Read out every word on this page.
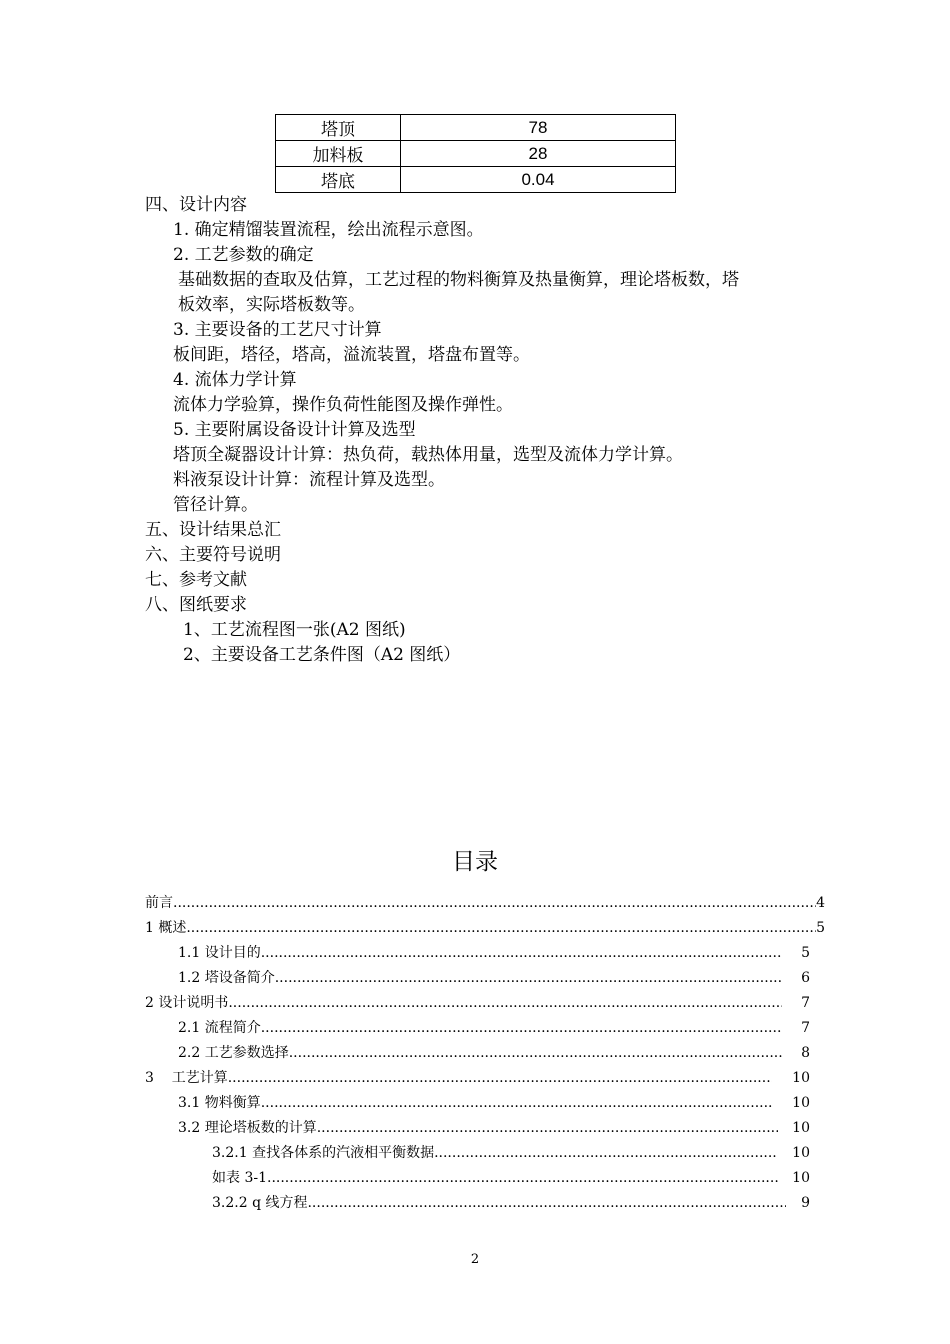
塔顶	78
加料板	28
塔底	0.04
四、设计内容
1. 确定精馏装置流程，绘出流程示意图。
2. 工艺参数的确定
基础数据的查取及估算，工艺过程的物料衡算及热量衡算，理论塔板数，塔
板效率，实际塔板数等。
3. 主要设备的工艺尺寸计算
板间距，塔径，塔高，溢流装置，塔盘布置等。
4. 流体力学计算
流体力学验算，操作负荷性能图及操作弹性。
5. 主要附属设备设计计算及选型
塔顶全凝器设计计算：热负荷，载热体用量，选型及流体力学计算。
料液泵设计计算：流程计算及选型。
管径计算。
五、设计结果总汇
六、主要符号说明
七、参考文献
八、图纸要求
1、工艺流程图一张(A2 图纸)
2、主要设备工艺条件图（A2 图纸）
目录
前言 .....	4
1 概述 .....	5
1.1 设计目的 .....	5
1.2 塔设备简介 .....	6
2 设计说明书 .....	7
2.1 流程简介 .....	7
2.2 工艺参数选择 .....	8
3    工艺计算 .....	10
3.1 物料衡算 .....	10
3.2 理论塔板数的计算 .....	10
3.2.1 查找各体系的汽液相平衡数据 .....	10
如表 3-1 .....	10
3.2.2 q 线方程 .....	9
2
